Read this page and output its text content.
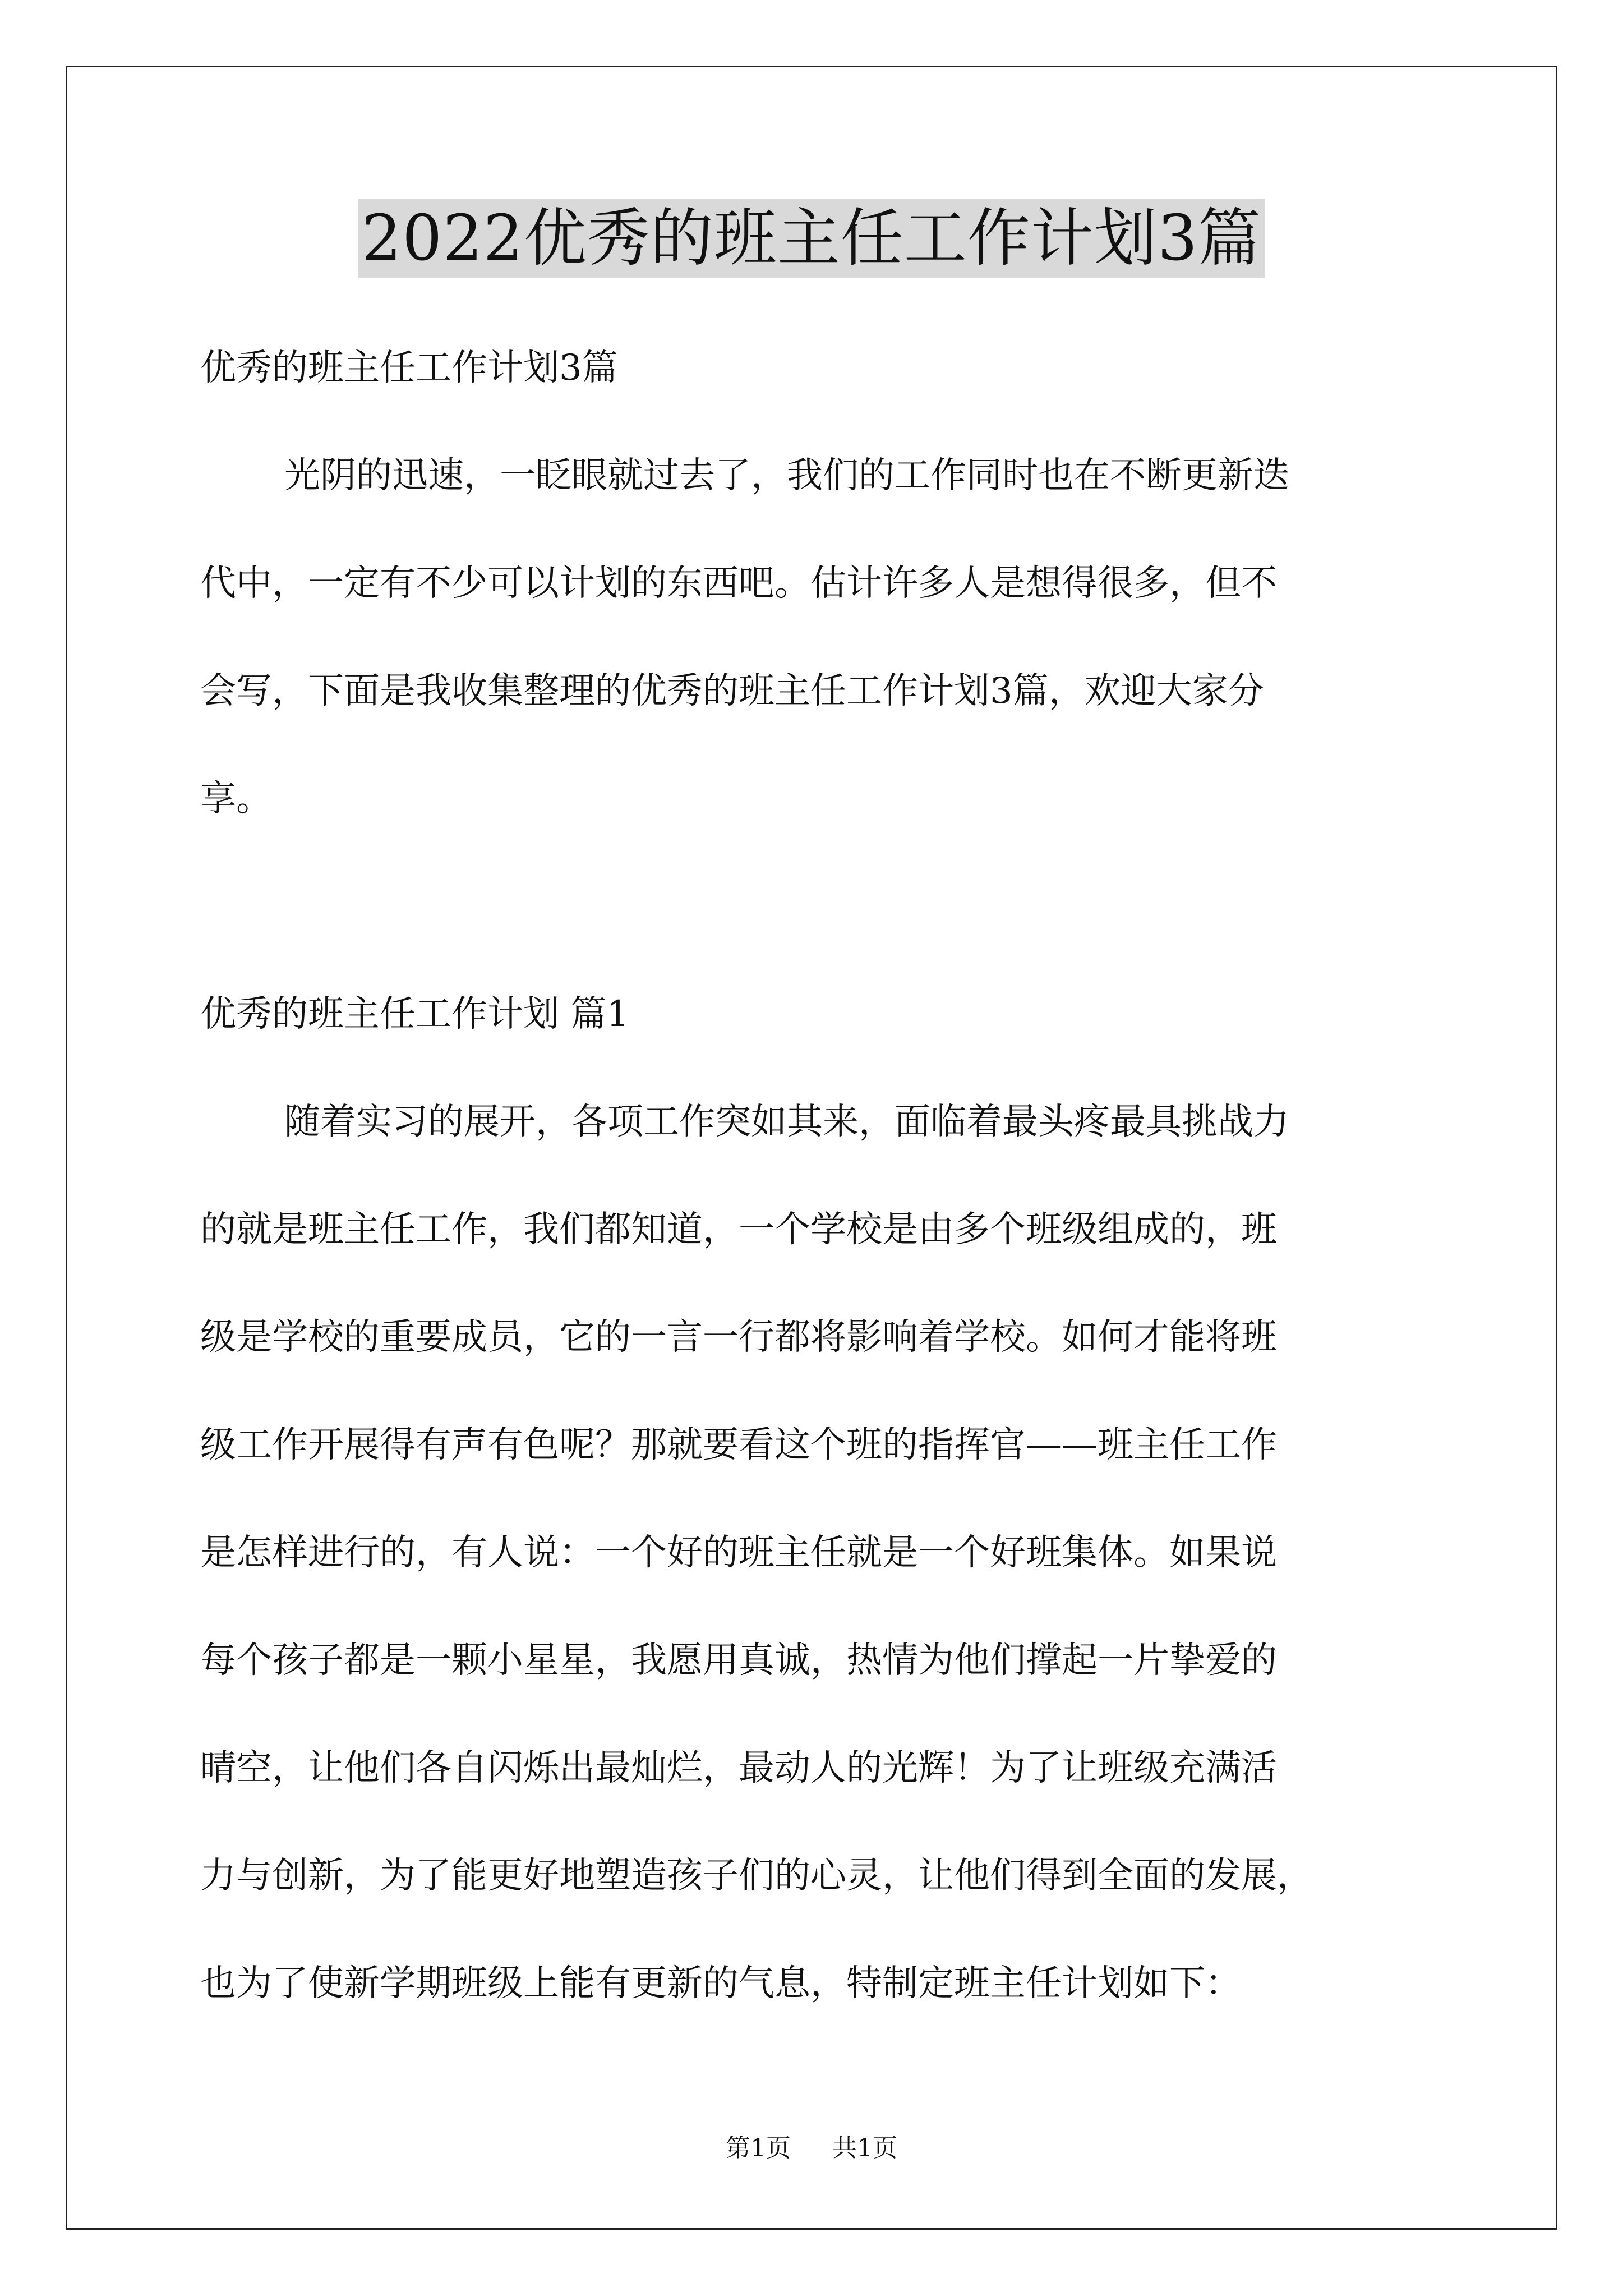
2022优秀的班主任工作计划3篇

优秀的班主任工作计划3篇

光阴的迅速，一眨眼就过去了，我们的工作同时也在不断更新迭

代中，一定有不少可以计划的东西吧。估计许多人是想得很多，但不

会写，下面是我收集整理的优秀的班主任工作计划3篇，欢迎大家分

享。

优秀的班主任工作计划 篇1

随着实习的展开，各项工作突如其来，面临着最头疼最具挑战力

的就是班主任工作，我们都知道，一个学校是由多个班级组成的，班

级是学校的重要成员，它的一言一行都将影响着学校。如何才能将班

级工作开展得有声有色呢？那就要看这个班的指挥官——班主任工作

是怎样进行的，有人说：一个好的班主任就是一个好班集体。如果说

每个孩子都是一颗小星星，我愿用真诚，热情为他们撑起一片挚爱的

晴空，让他们各自闪烁出最灿烂，最动人的光辉！为了让班级充满活

力与创新，为了能更好地塑造孩子们的心灵，让他们得到全面的发展，

也为了使新学期班级上能有更新的气息，特制定班主任计划如下：

第1页 共1页
